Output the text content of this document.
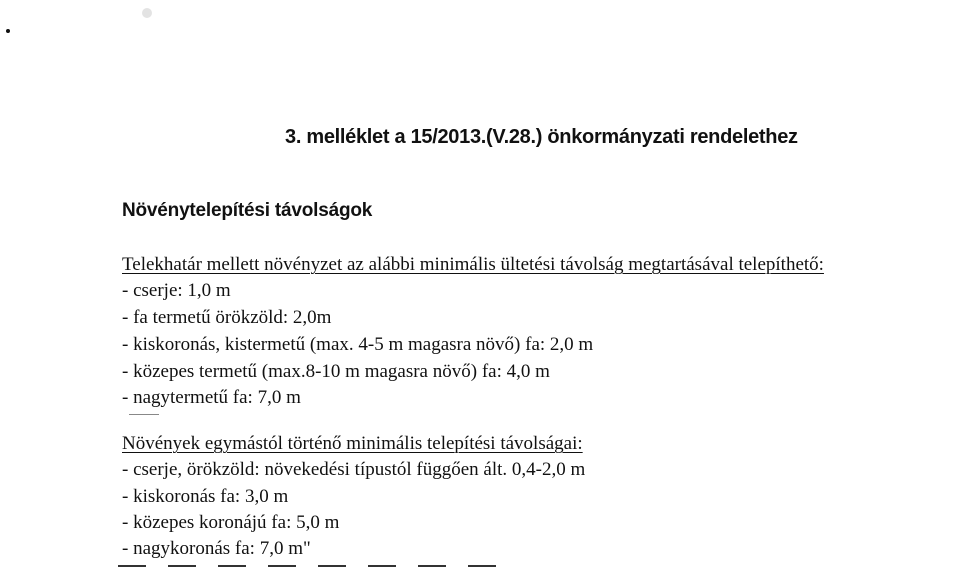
3. melléklet a 15/2013.(V.28.) önkormányzati rendelethez
Növénytelepítési távolságok
Telekhatár mellett növényzet az alábbi minimális ültetési távolság megtartásával telepíthető:
- cserje: 1,0 m
- fa termetű örökzöld: 2,0m
- kiskoronás, kistermetű (max. 4-5 m magasra növő) fa: 2,0 m
- közepes termetű (max.8-10 m magasra növő) fa: 4,0 m
- nagytermetű fa: 7,0 m
Növények egymástól történő minimális telepítési távolságai:
- cserje, örökzöld: növekedési típustól függően ált. 0,4-2,0 m
- kiskoronás fa: 3,0 m
- közepes koronájú fa: 5,0 m
- nagykoronás fa: 7,0 m"
